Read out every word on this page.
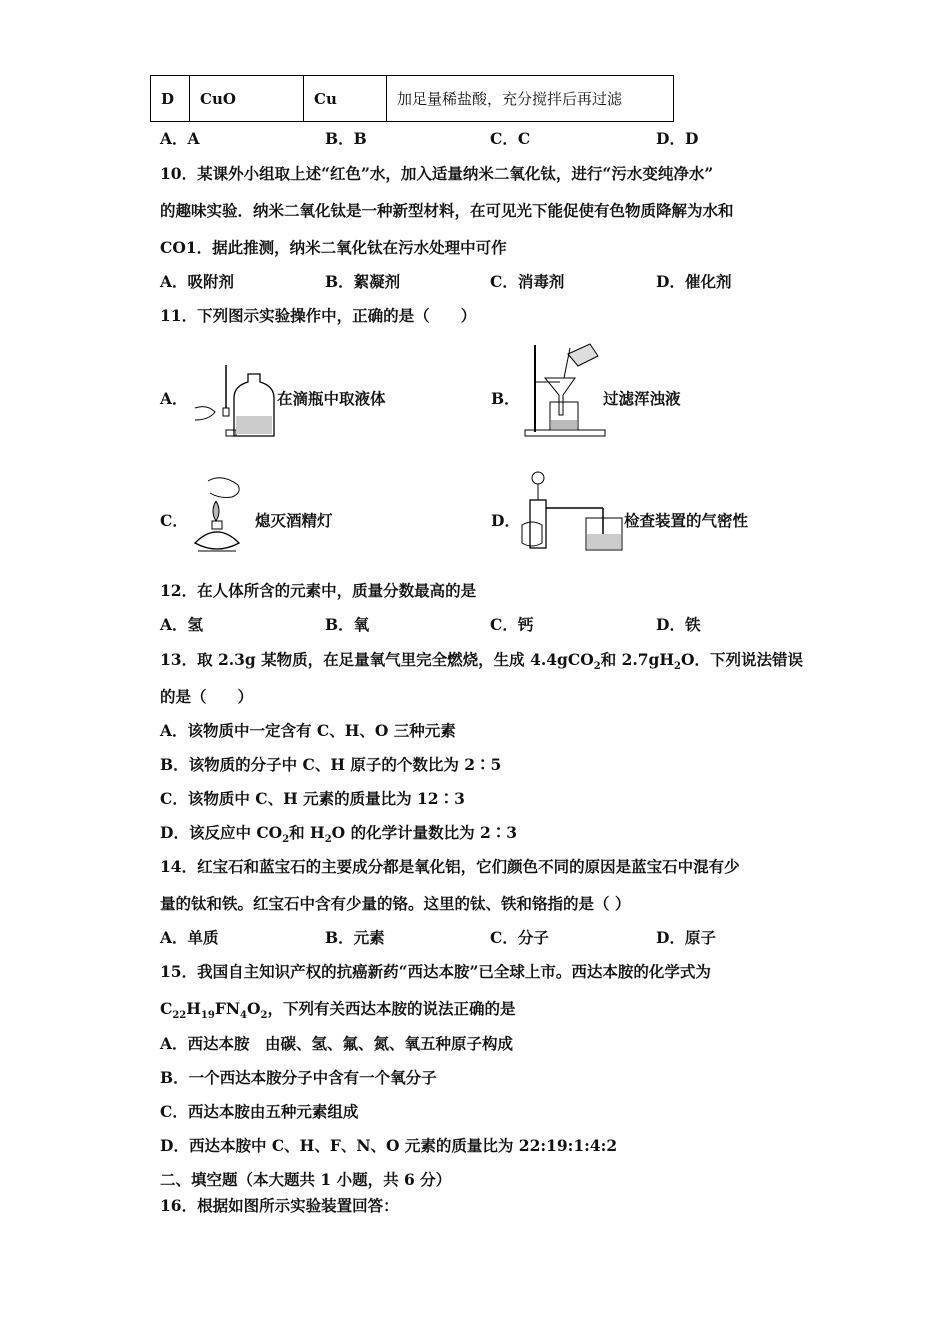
D	CuO	Cu	加足量稀盐酸，充分搅拌后再过滤
A．A	B．B	C．C	D．D
10．某课外小组取上述“红色”水，加入适量纳米二氧化钛，进行“污水变纯净水”
的趣味实验．纳米二氧化钛是一种新型材料，在可见光下能促使有色物质降解为水和
CO1．据此推测，纳米二氧化钛在污水处理中可作
A．吸附剂	B．絮凝剂	C．消毒剂	D．催化剂
11．下列图示实验操作中，正确的是（　　）
A．	在滴瓶中取液体	B．	过滤浑浊液
C．	熄灭酒精灯	D．	检查装置的气密性
12．在人体所含的元素中，质量分数最高的是
A．氢	B．氧	C．钙	D．铁
13．取 2.3g 某物质，在足量氧气里完全燃烧，生成 4.4gCO$_2$和 $2.7gH_2O$．下列说法错误
的是（　　）
A．该物质中一定含有 C、H、O 三种元素
B．该物质的分子中 C、H 原子的个数比为 2∶5
C．该物质中 C、H 元素的质量比为 12∶3
D．该反应中 $CO_2$和 $H_2O$ 的化学计量数比为 2∶3
14．红宝石和蓝宝石的主要成分都是氧化铝，它们颜色不同的原因是蓝宝石中混有少
量的钛和铁。红宝石中含有少量的铬。这里的钛、铁和铬指的是（ ）
A．单质	B．元素	C．分子	D．原子
15．我国自主知识产权的抗癌新药“西达本胺”已全球上市。西达本胺的化学式为
$C_{22}H_{19}FN_4O_2$，下列有关西达本胺的说法正确的是
A．西达本胺　由碳、氢、氟、氮、氧五种原子构成
B．一个西达本胺分子中含有一个氧分子
C．西达本胺由五种元素组成
D．西达本胺中 C、H、F、N、O 元素的质量比为 22:19:1:4:2
二、填空题（本大题共 1 小题，共 6 分）
16．根据如图所示实验装置回答：
